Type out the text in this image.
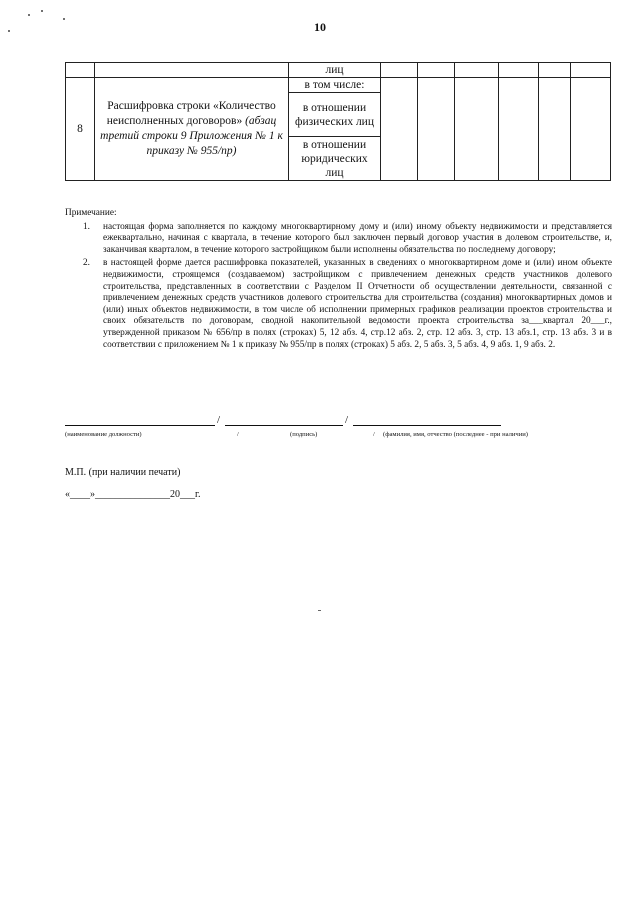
10
		лиц						
8	Расшифровка строки «Количество неисполненных договоров» (абзац третий строки 9 Приложения № 1 к приказу № 955/пр)	в том числе:						
		в отношении физических лиц						
		в отношении юридических лиц						
Примечание:
1. настоящая форма заполняется по каждому многоквартирному дому и (или) иному объекту недвижимости и представляется ежеквартально, начиная с квартала, в течение которого был заключен первый договор участия в долевом строительстве, и, заканчивая кварталом, в течение которого застройщиком были исполнены обязательства по последнему договору;
2. в настоящей форме дается расшифровка показателей, указанных в сведениях о многоквартирном доме и (или) ином объекте недвижимости, строящемся (создаваемом) застройщиком с привлечением денежных средств участников долевого строительства, представленных в соответствии с Разделом II Отчетности об осуществлении деятельности, связанной с привлечением денежных средств участников долевого строительства для строительства (создания) многоквартирных домов и (или) иных объектов недвижимости, в том числе об исполнении примерных графиков реализации проектов строительства и своих обязательств по договорам, сводной накопительной ведомости проекта строительства за___квартал 20___г., утвержденной приказом № 656/пр в полях (строках) 5, 12 абз. 4, стр.12 абз. 2, стр. 12 абз. 3, стр. 13 абз.1, стр. 13 абз. 3 и в соответствии с приложением № 1 к приказу № 955/пр в полях (строках) 5 абз. 2, 5 абз. 3, 5 абз. 4, 9 абз. 1, 9 абз. 2.
/	/
(наименование должности)	/	(подпись)	/ (фамилия, имя, отчество (последнее - при наличии)
М.П. (при наличии печати)
«____»_______________20___г.
